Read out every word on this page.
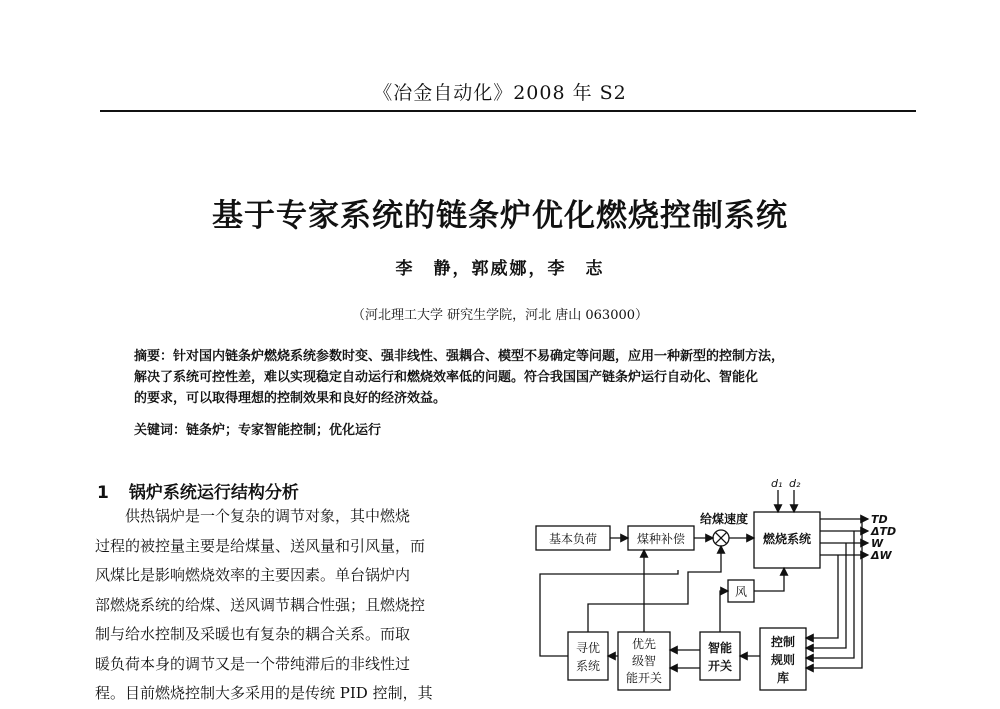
《冶金自动化》2008 年 S2
基于专家系统的链条炉优化燃烧控制系统
李　静，郭威娜，李　志
（河北理工大学 研究生学院，河北 唐山 063000）
摘要：针对国内链条炉燃烧系统参数时变、强非线性、强耦合、模型不易确定等问题，应用一种新型的控制方法，
解决了系统可控性差，难以实现稳定自动运行和燃烧效率低的问题。符合我国国产链条炉运行自动化、智能化
的要求，可以取得理想的控制效果和良好的经济效益。
关键词：链条炉；专家智能控制；优化运行
1 锅炉系统运行结构分析
供热锅炉是一个复杂的调节对象，其中燃烧
过程的被控量主要是给煤量、送风量和引风量，而
风煤比是影响燃烧效率的主要因素。单台锅炉内
部燃烧系统的给煤、送风调节耦合性强；且燃烧控
制与给水控制及采暖也有复杂的耦合关系。而取
暖负荷本身的调节又是一个带纯滞后的非线性过
程。目前燃烧控制大多采用的是传统 PID 控制，其
d₁ d₂
给煤速度
基本负荷	煤种补偿	燃烧系统
风
寻优
系统
优先
级智
能开关
智能
开关
控制
规则
库
TD
ΔTD
W
ΔW
